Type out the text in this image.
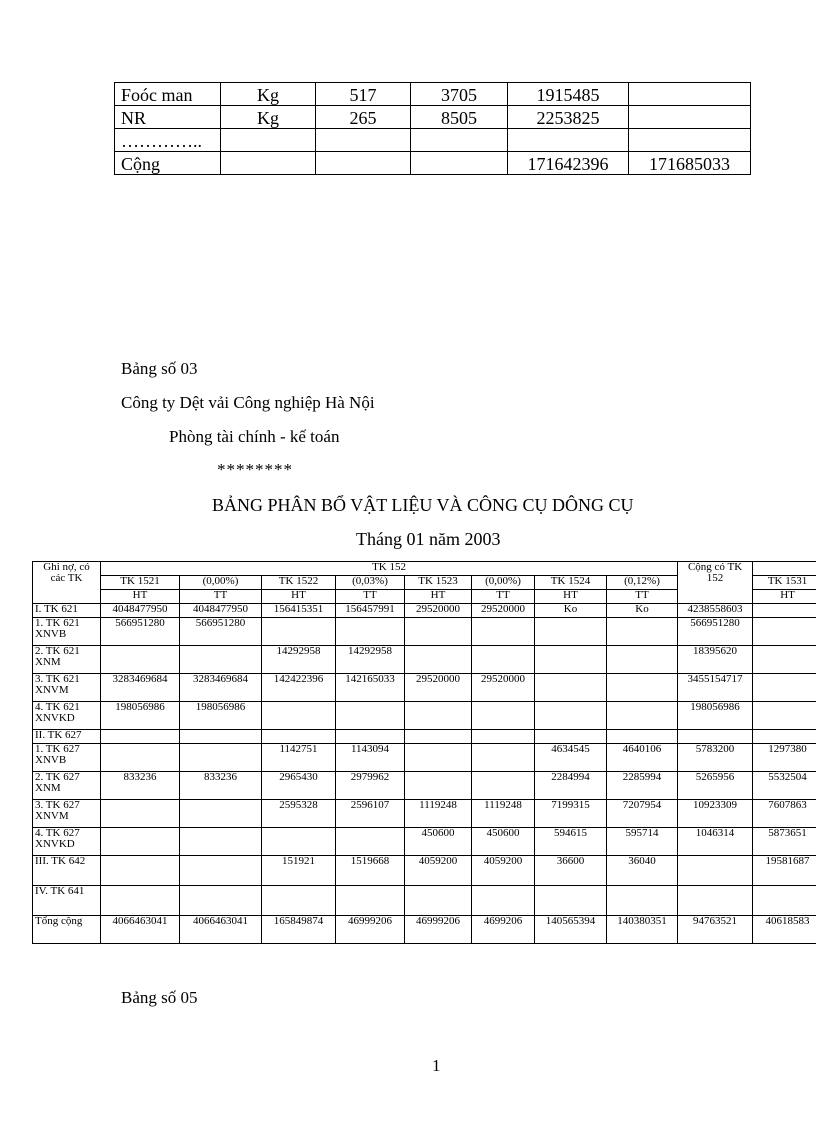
Foóc man	Kg	517	3705	1915485	
NR	Kg	265	8505	2253825	
…………..					
Cộng				171642396	171685033
Bảng số 03
Công ty Dệt vải Công nghiệp Hà Nội
Phòng tài chính - kế toán
********
BẢNG PHÂN BỔ VẬT LIỆU VÀ CÔNG CỤ DÔNG CỤ
Tháng 01 năm 2003
Ghi nợ, có các TK	TK 152								Cộng có TK 152	
	TK 1521	(0,00%)	TK 1522	(0,03%)	TK 1523	(0,00%)	TK 1524	(0,12%)		TK 1531
	HT	TT	HT	TT	HT	TT	HT	TT		HT
I. TK 621	4048477950	4048477950	156415351	156457991	29520000	29520000	Ko	Ko	4238558603	
1. TK 621 XNVB	566951280	566951280							566951280	
2. TK 621 XNM			14292958	14292958					18395620	
3. TK 621 XNVM	3283469684	3283469684	142422396	142165033	29520000	29520000			3455154717	
4. TK 621 XNVKD	198056986	198056986							198056986	
II. TK 627										
1. TK 627 XNVB			1142751	1143094			4634545	4640106	5783200	1297380
2. TK 627 XNM	833236	833236	2965430	2979962			2284994	2285994	5265956	5532504
3. TK 627 XNVM			2595328	2596107	1119248	1119248	7199315	7207954	10923309	7607863
4. TK 627 XNVKD					450600	450600	594615	595714	1046314	5873651
III. TK 642			151921	1519668	4059200	4059200	36600	36040		19581687
IV. TK 641										
Tổng cộng	4066463041	4066463041	165849874	46999206	46999206	4699206	140565394	140380351	94763521	40618583
Bảng số 05
1
